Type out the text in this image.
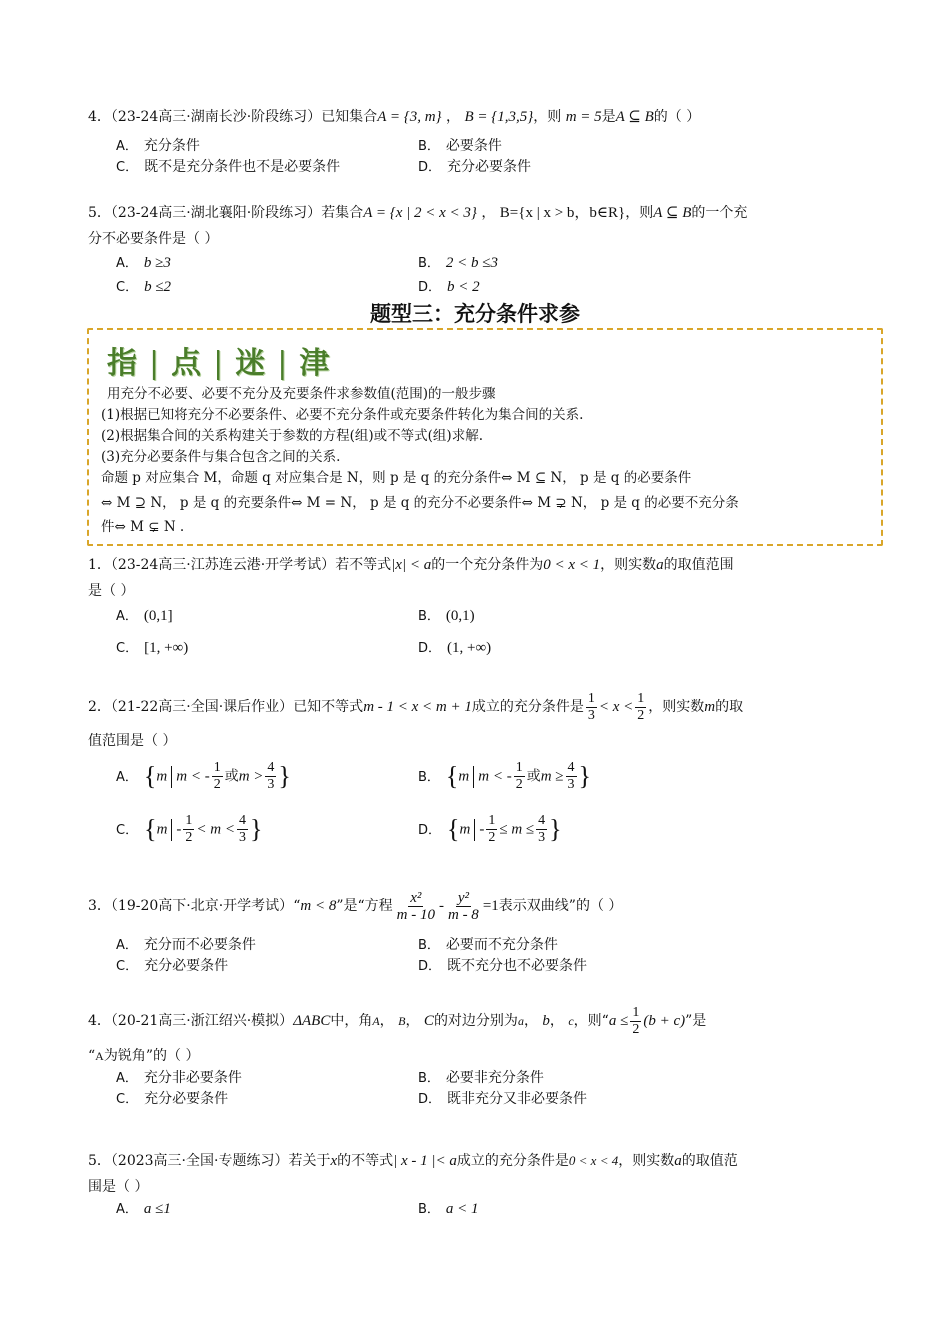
4．（23-24高三·湖南长沙·阶段练习）已知集合A = {3, m} ， B = {1,3,5}，则 m = 5是A ⊆ B的（ ）
A． 充分条件	B． 必要条件
C． 既不是充分条件也不是必要条件	D． 充分必要条件
5．（23-24高三·湖北襄阳·阶段练习）若集合A = {x | 2 < x < 3} ， B={x | x > b，b∈R}，则A ⊆ B的一个充
分不必要条件是（ ）
A． b ≥3	B． 2 < b ≤3
C． b ≤2	D． b < 2
题型三：充分条件求参
指 | 点 | 迷 | 津
用充分不必要、必要不充分及充要条件求参数值(范围)的一般步骤
(1)根据已知将充分不必要条件、必要不充分条件或充要条件转化为集合间的关系.
(2)根据集合间的关系构建关于参数的方程(组)或不等式(组)求解.
(3)充分必要条件与集合包含之间的关系.
命题 p 对应集合 M，命题 q 对应集合是 N，则 p 是 q 的充分条件⇔ M ⊆ N， p 是 q 的必要条件
⇔ M ⊇ N， p 是 q 的充要条件⇔ M = N， p 是 q 的充分不必要条件⇔ M ⊋ N， p 是 q 的必要不充分条
件⇔ M ⊊ N .
1．（23-24高三·江苏连云港·开学考试）若不等式|x| < a的一个充分条件为0 < x < 1，则实数a的取值范围
是（ ）
A． (0,1]	B． (0,1)
C． [1, +∞)	D． (1, +∞)
2．（21-22高三·全国·课后作业）已知不等式m - 1 < x < m + 1成立的充分条件是 $\frac{1}{3} < x < \frac{1}{2}$ ，则实数m的取
值范围是（ ）
A． {m m < - $\frac{1}{2}$ 或$m > \frac{4}{3}$ }	B． {m m < - $\frac{1}{2}$ 或$m \ge \frac{4}{3}$ }
C． {$m - \frac{1}{2} < m < \frac{4}{3}$ }	D． {$m - \frac{1}{2} \le m \le \frac{4}{3}$ }
3．（19-20高下·北京·开学考试）“m < 8”是“方程 $\frac{\text{x²}}{m - 10} - \frac{\text{y²}}{m - 8} =1$表示双曲线”的（ ）
A． 充分而不必要条件	B． 必要而不充分条件
C． 充分必要条件	D． 既不充分也不必要条件
4．（20-21高三·浙江绍兴·模拟）ΔABC中，角A， B， C的对边分别为a， b， c，则“$a \le \frac{1}{2} (b + c)$”是
“A为锐角”的（ ）
A． 充分非必要条件	B． 必要非充分条件
C． 充分必要条件	D． 既非充分又非必要条件
5．（2023高三·全国·专题练习）若关于x的不等式| x - 1 |< a成立的充分条件是0 < x < 4，则实数a的取值范
围是（ ）
A． a ≤1	B． a < 1
